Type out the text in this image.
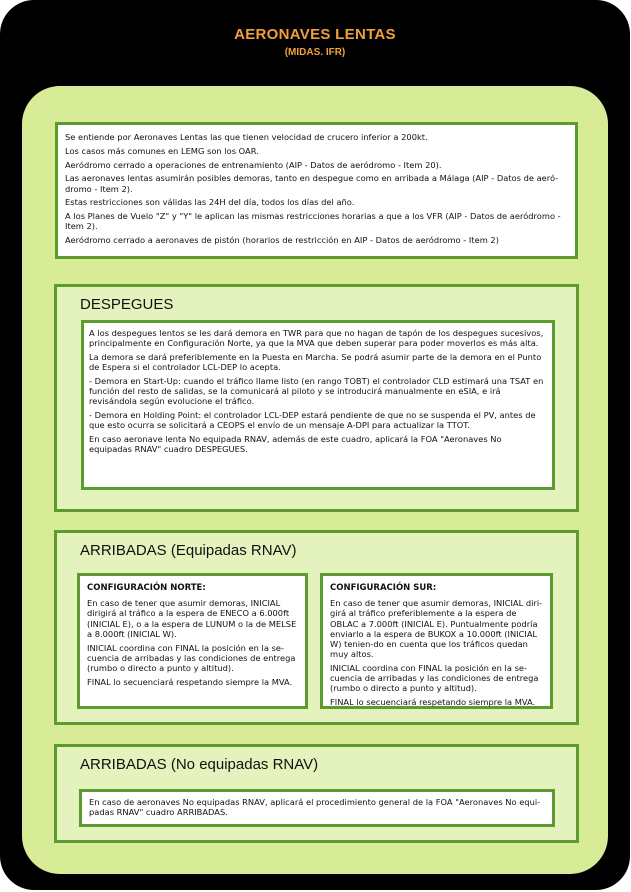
AERONAVES LENTAS
(MIDAS. IFR)

Se entiende por Aeronaves Lentas las que tienen velocidad de crucero inferior a 200kt.

Los casos más comunes en LEMG son los OAR.

Aeródromo cerrado a operaciones de entrenamiento (AIP - Datos de aeródromo - Item 20).

Las aeronaves lentas asumirán posibles demoras, tanto en despegue como en arribada a Málaga (AIP - Datos de aeró-dromo - Item 2).

Estas restricciones son válidas las 24H del día, todos los días del año.

A los Planes de Vuelo "Z" y "Y" le aplican las mismas restricciones horarias a que a los VFR (AIP - Datos de aeródromo - Item 2).

Aeródromo cerrado a aeronaves de pistón (horarios de restricción en AIP - Datos de aeródromo - Item 2)

DESPEGUES

A los despegues lentos se les dará demora en TWR para que no hagan de tapón de los despegues sucesivos, principalmente en Configuración Norte, ya que la MVA que deben superar para poder moverlos es más alta.

La demora se dará preferiblemente en la Puesta en Marcha. Se podrá asumir parte de la demora en el Punto de Espera si el controlador LCL-DEP lo acepta.

- Demora en Start-Up: cuando el tráfico llame listo (en rango TOBT) el controlador CLD estimará una TSAT en función del resto de salidas, se la comunicará al piloto y se introducirá manualmente en eSIA, e irá revisándola según evolucione el tráfico.

- Demora en Holding Point: el controlador LCL-DEP estará pendiente de que no se suspenda el PV, antes de que esto ocurra se solicitará a CEOPS el envío de un mensaje A-DPI para actualizar la TTOT.

En caso aeronave lenta No equipada RNAV, además de este cuadro, aplicará la FOA "Aeronaves No equipadas RNAV" cuadro DESPEGUES.

ARRIBADAS (Equipadas RNAV)
CONFIGURACIÓN NORTE:

En caso de tener que asumir demoras, INICIAL dirigirá al tráfico a la espera de ENECO a 6.000ft (INICIAL E), o a la espera de LUNUM o la de MELSE a 8.000ft (INICIAL W).

INICIAL coordina con FINAL la posición en la se-cuencia de arribadas y las condiciones de entrega (rumbo o directo a punto y altitud).

FINAL lo secuenciará respetando siempre la MVA.

CONFIGURACIÓN SUR:

En caso de tener que asumir demoras, INICIAL diri-girá al tráfico preferiblemente a la espera de OBLAC a 7.000ft (INICIAL E). Puntualmente podría enviarlo a la espera de BUKOX a 10.000ft (INICIAL W) tenien-do en cuenta que los tráficos quedan muy altos.

INICIAL coordina con FINAL la posición en la se-cuencia de arribadas y las condiciones de entrega (rumbo o directo a punto y altitud).

FINAL lo secuenciará respetando siempre la MVA.

ARRIBADAS (No equipadas RNAV)

En caso de aeronaves No equipadas RNAV, aplicará el procedimiento general de la FOA "Aeronaves No equi-padas RNAV" cuadro ARRIBADAS.
